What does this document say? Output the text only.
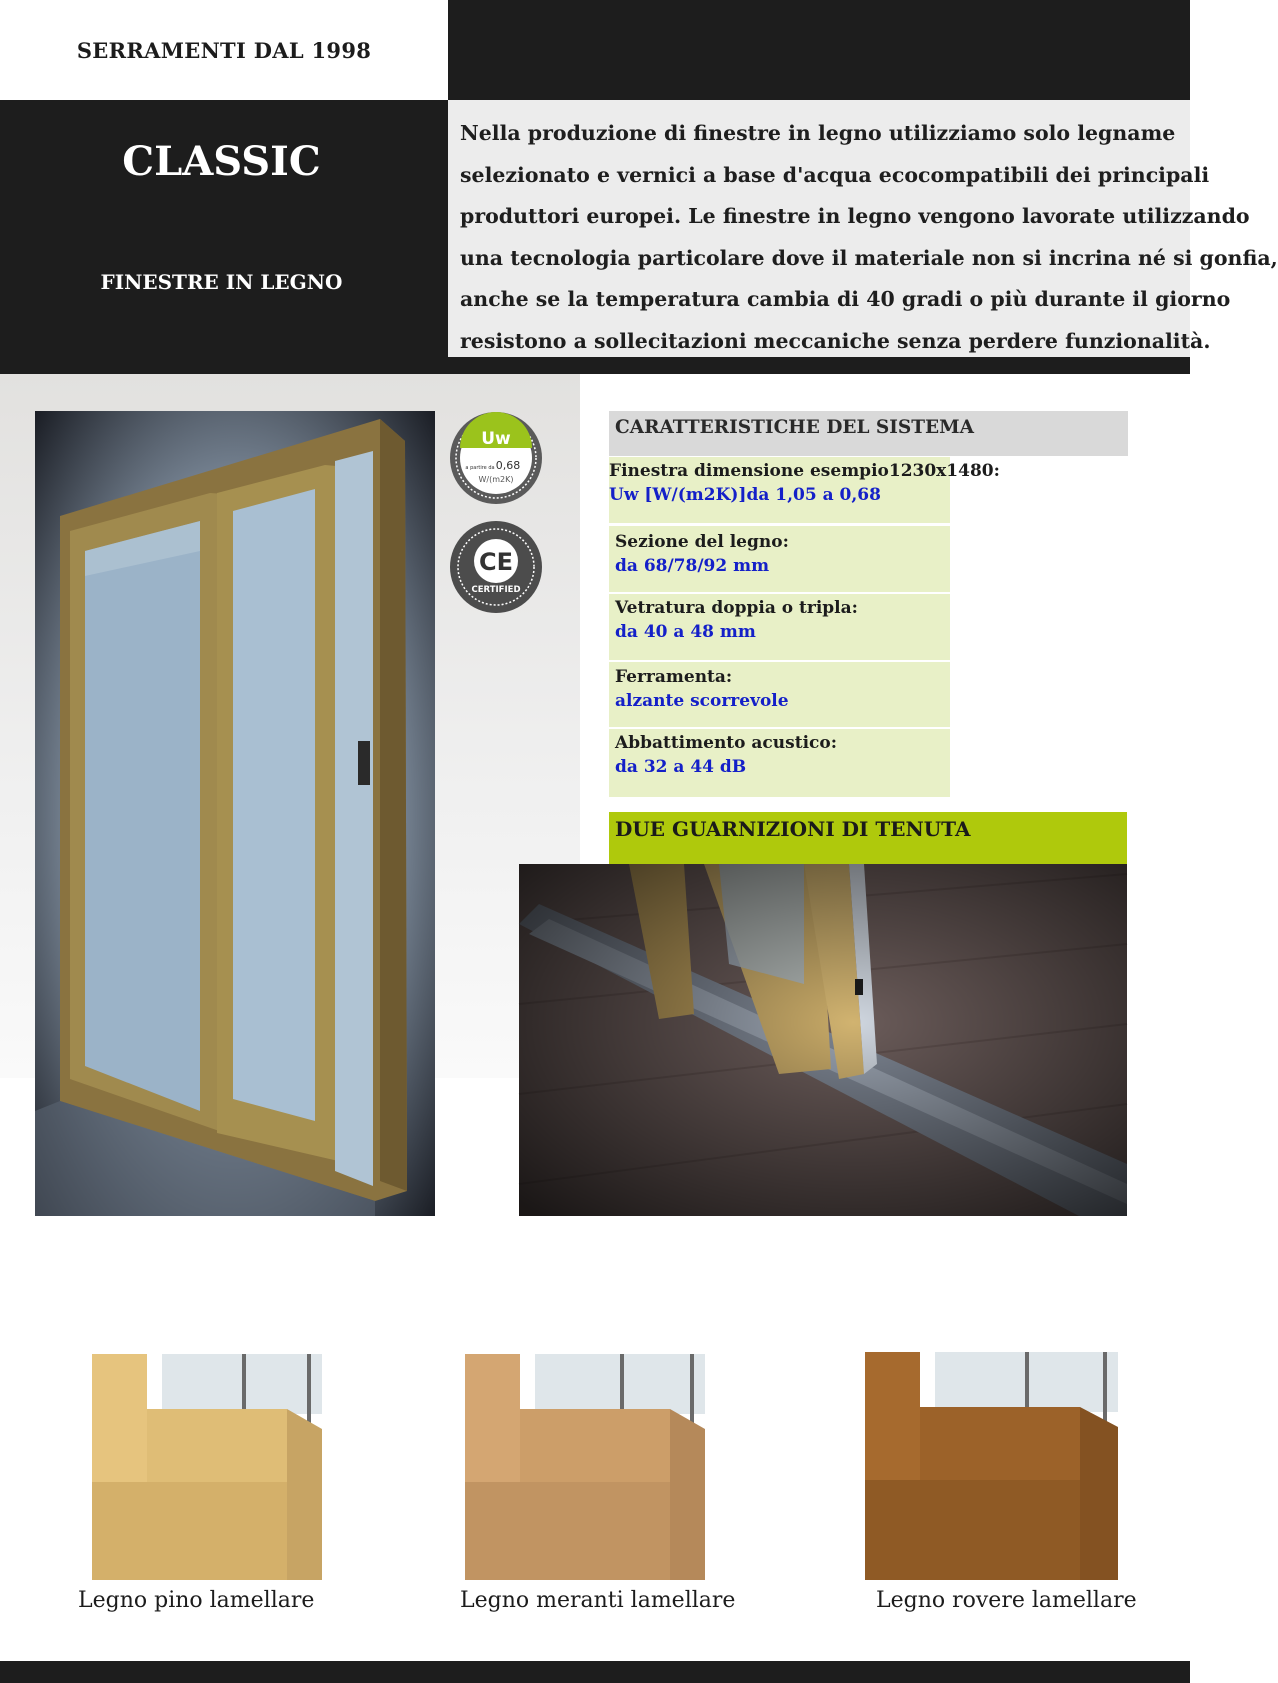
SERRAMENTI DAL 1998
CLASSIC
FINESTRE IN LEGNO
Nella produzione di finestre in legno utilizziamo solo legname
selezionato e vernici a base d'acqua ecocompatibili dei principali
produttori europei. Le finestre in legno vengono lavorate utilizzando
una tecnologia particolare dove il materiale non si incrina né si gonfia,
anche se la temperatura cambia di 40 gradi o più durante il giorno
resistono a sollecitazioni meccaniche senza perdere funzionalità.
Uw
a partire da 0,68
W/(m2K)
CE
CERTIFIED
CARATTERISTICHE DEL SISTEMA
Finestra dimensione esempio1230x1480:
Uw [W/(m2K)]da 1,05 a 0,68
Sezione del legno:
da 68/78/92 mm
Vetratura doppia o tripla:
da 40 a 48 mm
Ferramenta:
alzante scorrevole
Abbattimento acustico:
da 32 a 44 dB
DUE GUARNIZIONI DI TENUTA
Legno pino lamellare	Legno meranti lamellare	Legno rovere lamellare
